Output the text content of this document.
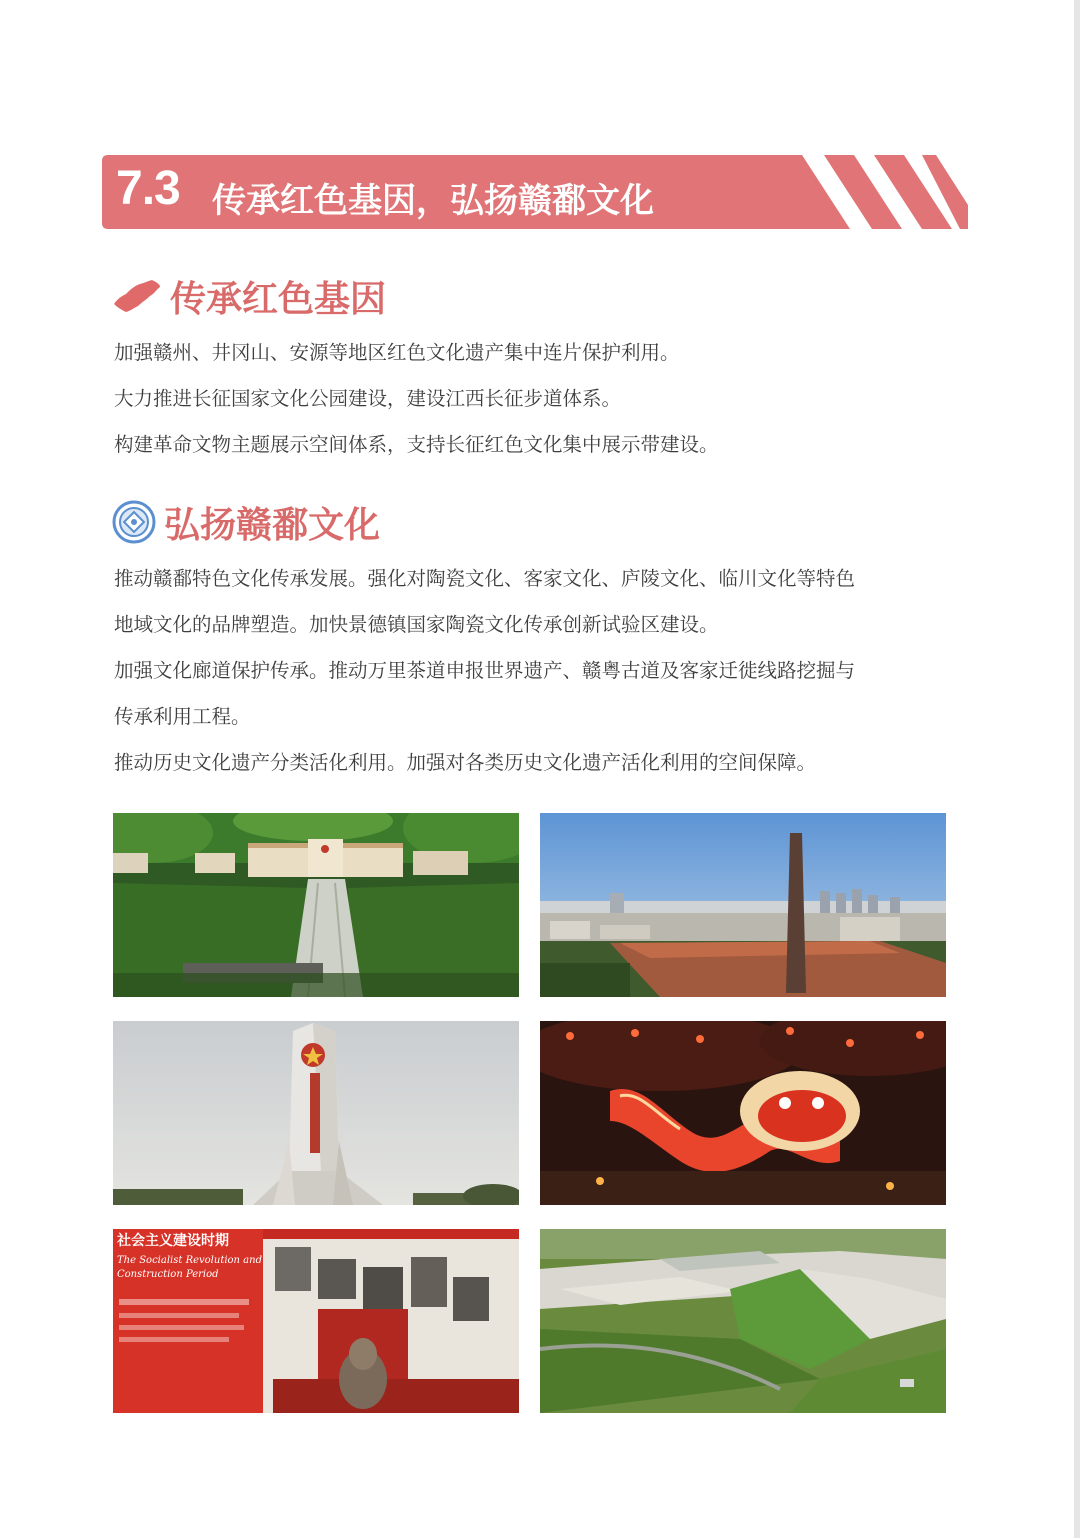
7.3 传承红色基因，弘扬赣鄱文化
传承红色基因

加强赣州、井冈山、安源等地区红色文化遗产集中连片保护利用。

大力推进长征国家文化公园建设，建设江西长征步道体系。

构建革命文物主题展示空间体系，支持长征红色文化集中展示带建设。

弘扬赣鄱文化

推动赣鄱特色文化传承发展。强化对陶瓷文化、客家文化、庐陵文化、临川文化等特色

地域文化的品牌塑造。加快景德镇国家陶瓷文化传承创新试验区建设。

加强文化廊道保护传承。推动万里茶道申报世界遗产、赣粤古道及客家迁徙线路挖掘与

传承利用工程。

推动历史文化遗产分类活化利用。加强对各类历史文化遗产活化利用的空间保障。

社会主义建设时期
The Socialist Revolution and
Construction Period
